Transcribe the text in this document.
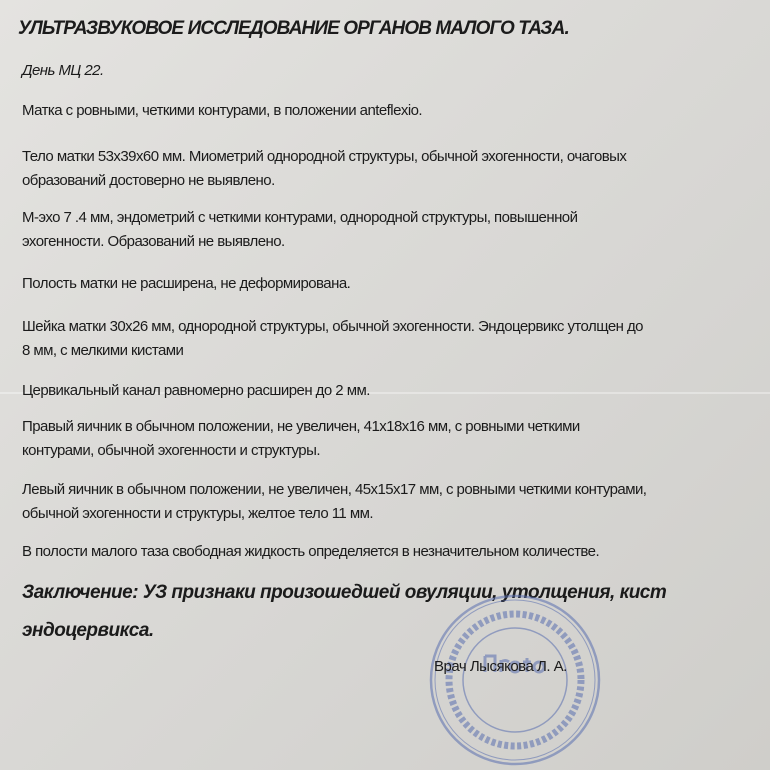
УЛЬТРАЗВУКОВОЕ ИССЛЕДОВАНИЕ ОРГАНОВ МАЛОГО ТАЗА.
День МЦ 22.
Матка с ровными, четкими контурами, в положении anteflexio.
Тело матки 53х39х60 мм. Миометрий однородной структуры, обычной эхогенности, очаговых
образований достоверно не выявлено.
М-эхо 7 .4 мм, эндометрий с четкими контурами, однородной структуры, повышенной
эхогенности. Образований не выявлено.
Полость матки не расширена, не деформирована.
Шейка матки 30х26 мм, однородной структуры, обычной эхогенности. Эндоцервикс утолщен до
8 мм, с мелкими кистами
Цервикальный канал равномерно расширен до 2 мм.
Правый яичник в обычном положении, не увеличен, 41х18х16 мм, с ровными четкими
контурами, обычной эхогенности и структуры.
Левый яичник в обычном положении, не увеличен, 45х15х17 мм, с ровными четкими контурами,
обычной эхогенности и структуры, желтое тело 11 мм.
В полости малого таза свободная жидкость определяется в незначительном количестве.
Заключение: УЗ признаки произошедшей овуляции, утолщения, кист
эндоцервикса.
Врач Лысякова Л. А.
